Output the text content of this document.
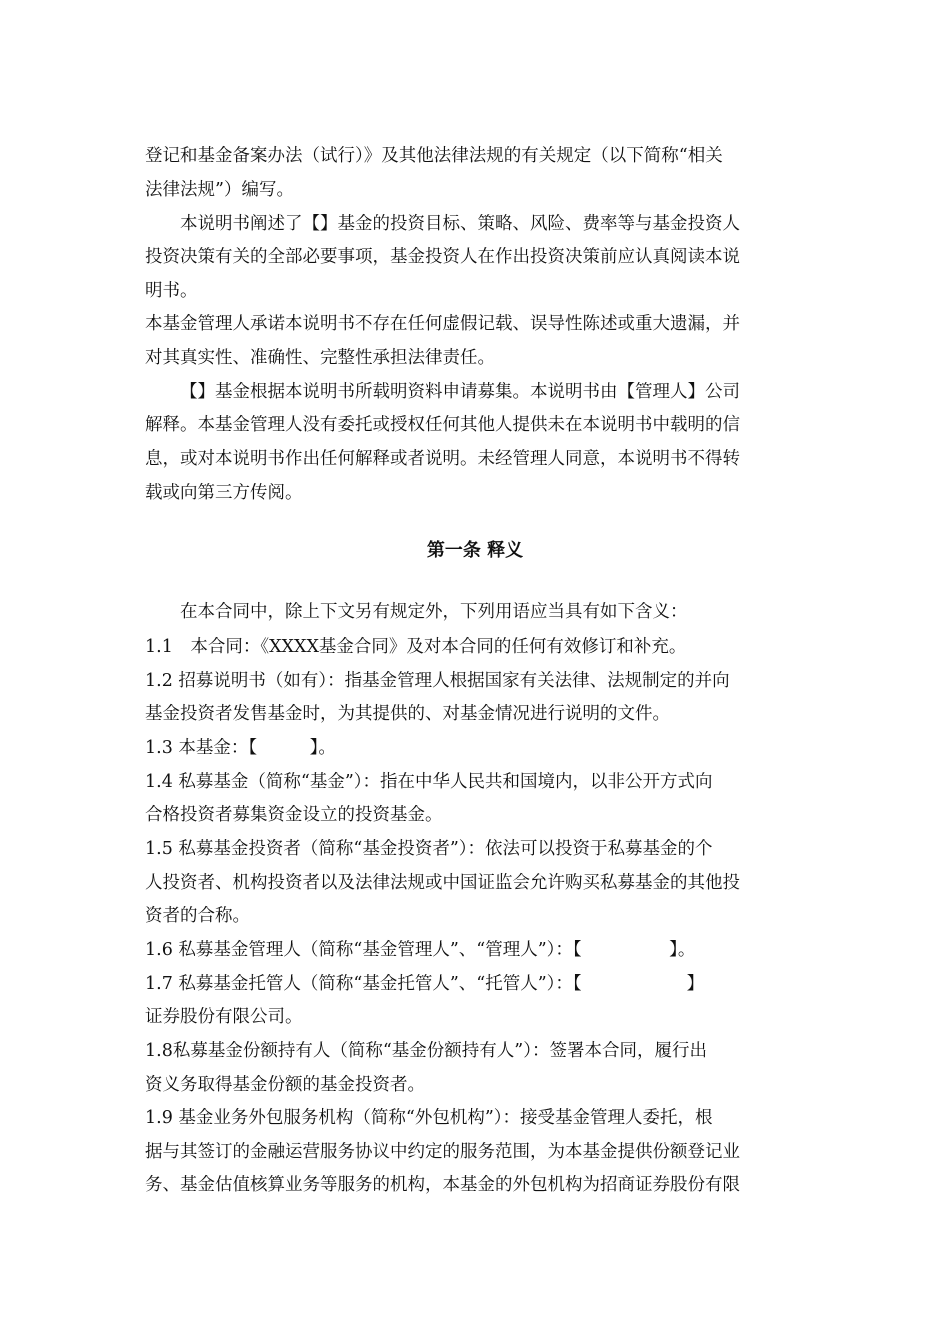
登记和基金备案办法（试行）》及其他法律法规的有关规定（以下简称“相关
法律法规”）编写。
本说明书阐述了【】基金的投资目标、策略、风险、费率等与基金投资人
投资决策有关的全部必要事项，基金投资人在作出投资决策前应认真阅读本说
明书。
本基金管理人承诺本说明书不存在任何虚假记载、误导性陈述或重大遗漏，并
对其真实性、准确性、完整性承担法律责任。
【】基金根据本说明书所载明资料申请募集。本说明书由【管理人】公司
解释。本基金管理人没有委托或授权任何其他人提供未在本说明书中载明的信
息，或对本说明书作出任何解释或者说明。未经管理人同意，本说明书不得转
载或向第三方传阅。
第一条 释义
在本合同中，除上下文另有规定外，下列用语应当具有如下含义：
1.1　本合同：《XXXX基金合同》及对本合同的任何有效修订和补充。
1.2 招募说明书（如有）：指基金管理人根据国家有关法律、法规制定的并向
基金投资者发售基金时，为其提供的、对基金情况进行说明的文件。
1.3 本基金：【　　　】。
1.4 私募基金（简称“基金”）：指在中华人民共和国境内，以非公开方式向
合格投资者募集资金设立的投资基金。
1.5 私募基金投资者（简称“基金投资者”）：依法可以投资于私募基金的个
人投资者、机构投资者以及法律法规或中国证监会允许购买私募基金的其他投
资者的合称。
1.6 私募基金管理人（简称“基金管理人”、“管理人”）：【　　　　　】。
1.7 私募基金托管人（简称“基金托管人”、“托管人”）：【　　　　　　】
证券股份有限公司。
1.8私募基金份额持有人（简称“基金份额持有人”）：签署本合同，履行出
资义务取得基金份额的基金投资者。
1.9 基金业务外包服务机构（简称“外包机构”）：接受基金管理人委托，根
据与其签订的金融运营服务协议中约定的服务范围，为本基金提供份额登记业
务、基金估值核算业务等服务的机构，本基金的外包机构为招商证券股份有限
